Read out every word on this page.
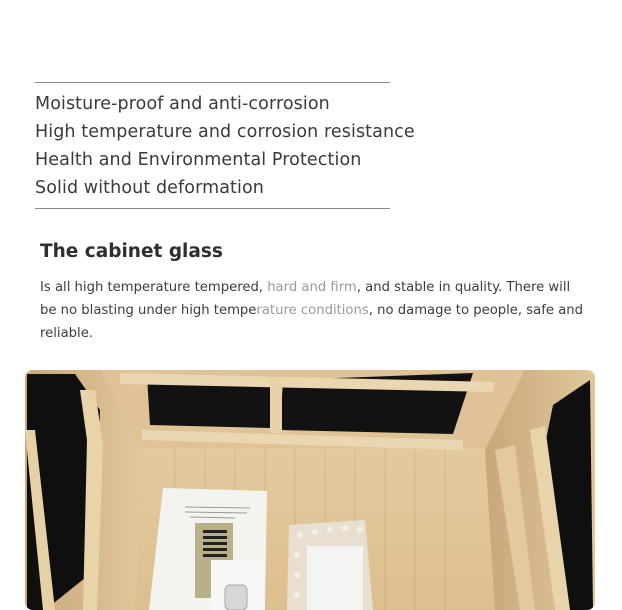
Moisture-proof and anti-corrosion
High temperature and corrosion resistance
Health and Environmental Protection
Solid without deformation
The cabinet glass

Is all high temperature tempered, hard and firm, and stable in quality. There will
be no blasting under high temperature conditions, no damage to people, safe and reliable.
